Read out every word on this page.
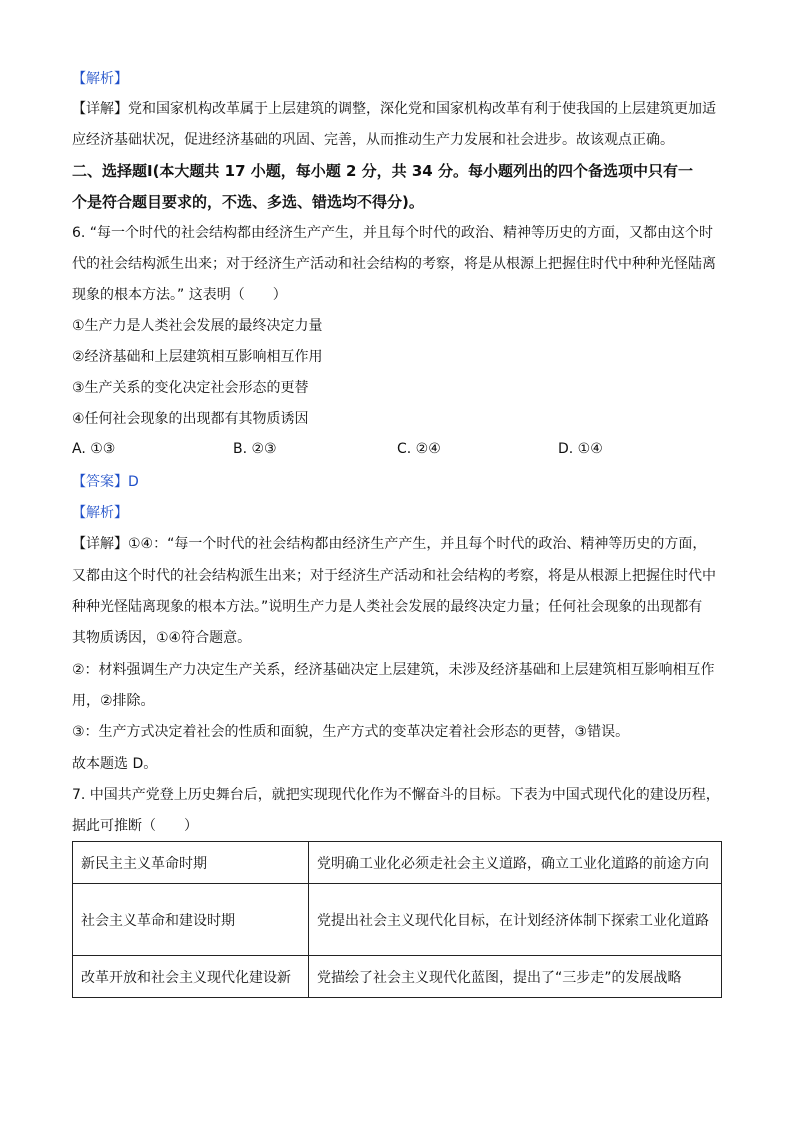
【解析】
【详解】党和国家机构改革属于上层建筑的调整，深化党和国家机构改革有利于使我国的上层建筑更加适
应经济基础状况，促进经济基础的巩固、完善，从而推动生产力发展和社会进步。故该观点正确。
二、选择题Ⅰ(本大题共 17 小题，每小题 2 分，共 34 分。每小题列出的四个备选项中只有一
个是符合题目要求的，不选、多选、错选均不得分)。
6. “每一个时代的社会结构都由经济生产产生，并且每个时代的政治、精神等历史的方面，又都由这个时
代的社会结构派生出来；对于经济生产活动和社会结构的考察，将是从根源上把握住时代中种种光怪陆离
现象的根本方法。” 这表明（　　）
①生产力是人类社会发展的最终决定力量
②经济基础和上层建筑相互影响相互作用
③生产关系的变化决定社会形态的更替
④任何社会现象的出现都有其物质诱因
A. ①③	B. ②③	C. ②④	D. ①④
【答案】D
【解析】
【详解】①④：“每一个时代的社会结构都由经济生产产生，并且每个时代的政治、精神等历史的方面，
又都由这个时代的社会结构派生出来；对于经济生产活动和社会结构的考察，将是从根源上把握住时代中
种种光怪陆离现象的根本方法。”说明生产力是人类社会发展的最终决定力量；任何社会现象的出现都有
其物质诱因，①④符合题意。
②：材料强调生产力决定生产关系，经济基础决定上层建筑，未涉及经济基础和上层建筑相互影响相互作
用，②排除。
③：生产方式决定着社会的性质和面貌，生产方式的变革决定着社会形态的更替，③错误。
故本题选 D。
7. 中国共产党登上历史舞台后，就把实现现代化作为不懈奋斗的目标。下表为中国式现代化的建设历程，
据此可推断（　　）
新民主主义革命时期	党明确工业化必须走社会主义道路，确立工业化道路的前途方向
社会主义革命和建设时期	党提出社会主义现代化目标，在计划经济体制下探索工业化道路
改革开放和社会主义现代化建设新	党描绘了社会主义现代化蓝图，提出了“三步走”的发展战略
